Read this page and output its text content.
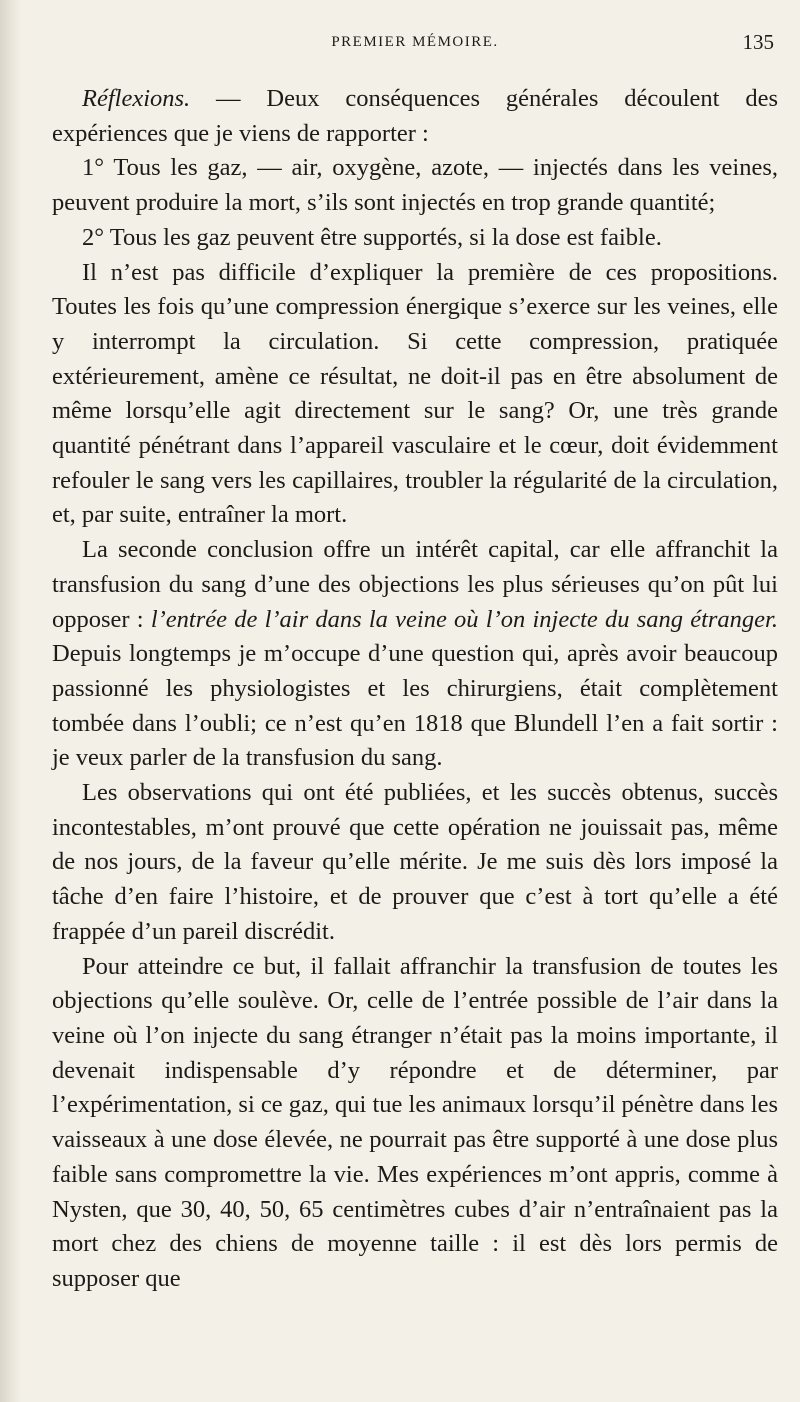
PREMIER MÉMOIRE.	135

Réflexions. — Deux conséquences générales découlent des expériences que je viens de rapporter :

1° Tous les gaz, — air, oxygène, azote, — injectés dans les veines, peuvent produire la mort, s’ils sont injectés en trop grande quantité;

2° Tous les gaz peuvent être supportés, si la dose est faible.

Il n’est pas difficile d’expliquer la première de ces propositions. Toutes les fois qu’une compression énergique s’exerce sur les veines, elle y interrompt la circulation. Si cette compression, pratiquée extérieurement, amène ce résultat, ne doit-il pas en être absolument de même lorsqu’elle agit directement sur le sang? Or, une très grande quantité pénétrant dans l’appareil vasculaire et le cœur, doit évidemment refouler le sang vers les capillaires, troubler la régularité de la circulation, et, par suite, entraîner la mort.

La seconde conclusion offre un intérêt capital, car elle affranchit la transfusion du sang d’une des objections les plus sérieuses qu’on pût lui opposer : l’entrée de l’air dans la veine où l’on injecte du sang étranger. Depuis longtemps je m’occupe d’une question qui, après avoir beaucoup passionné les physiologistes et les chirurgiens, était complètement tombée dans l’oubli; ce n’est qu’en 1818 que Blundell l’en a fait sortir : je veux parler de la transfusion du sang.

Les observations qui ont été publiées, et les succès obtenus, succès incontestables, m’ont prouvé que cette opération ne jouissait pas, même de nos jours, de la faveur qu’elle mérite. Je me suis dès lors imposé la tâche d’en faire l’histoire, et de prouver que c’est à tort qu’elle a été frappée d’un pareil discrédit.

Pour atteindre ce but, il fallait affranchir la transfusion de toutes les objections qu’elle soulève. Or, celle de l’entrée possible de l’air dans la veine où l’on injecte du sang étranger n’était pas la moins importante, il devenait indispensable d’y répondre et de déterminer, par l’expérimentation, si ce gaz, qui tue les animaux lorsqu’il pénètre dans les vaisseaux à une dose élevée, ne pourrait pas être supporté à une dose plus faible sans compromettre la vie. Mes expériences m’ont appris, comme à Nysten, que 30, 40, 50, 65 centimètres cubes d’air n’entraînaient pas la mort chez des chiens de moyenne taille : il est dès lors permis de supposer que
